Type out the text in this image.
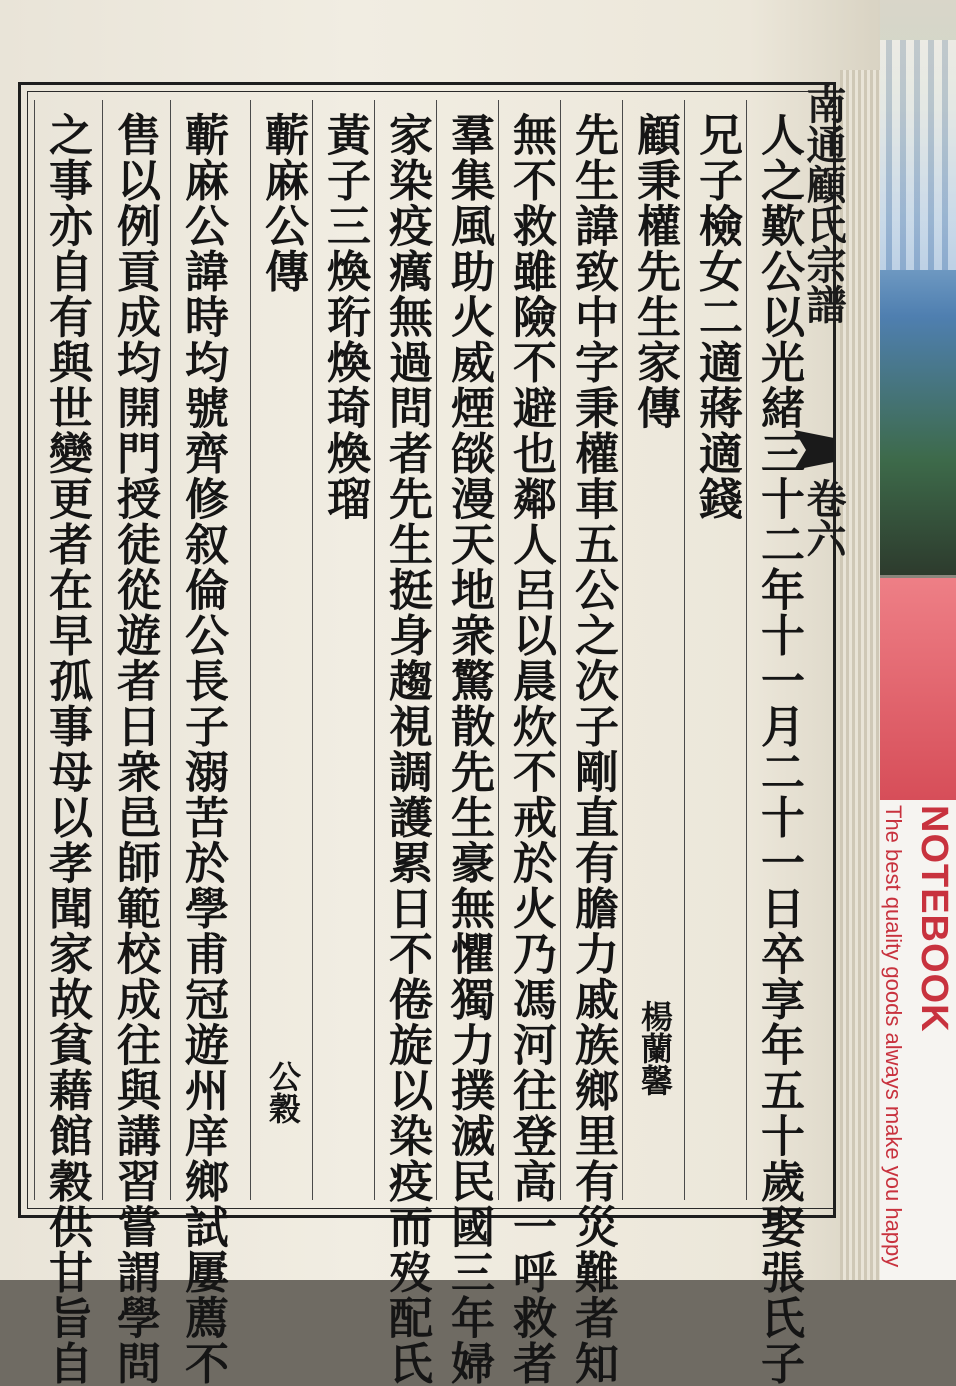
NOTEBOOK
The best quality goods always make you happy
人之歎公以光緒三十二年十一月二十一日卒享年五十歲娶張氏子
兄子檢女二適蔣適錢
顧秉權先生家傳
楊蘭馨
先生諱致中字秉權車五公之次子剛直有膽力戚族鄉里有災難者知
無不救雖險不避也鄰人呂以晨炊不戒於火乃馮河往登高一呼救者
羣集風助火威煙燄漫天地衆驚散先生豪無懼獨力撲滅民國三年婦
家染疫癘無過問者先生挺身趨視調護累日不倦旋以染疫而歿配氏
黃子三煥珩煥琦煥瑠
蘄麻公傳
公穀
蘄麻公諱時均號齊修叙倫公長子溺苦於學甫冠遊州庠鄉試屢薦不
售以例貢成均開門授徒從遊者日衆邑師範校成往與講習嘗謂學問
之事亦自有與世變更者在早孤事母以孝聞家故貧藉館穀供甘旨自	南通顧氏宗譜
卷六
